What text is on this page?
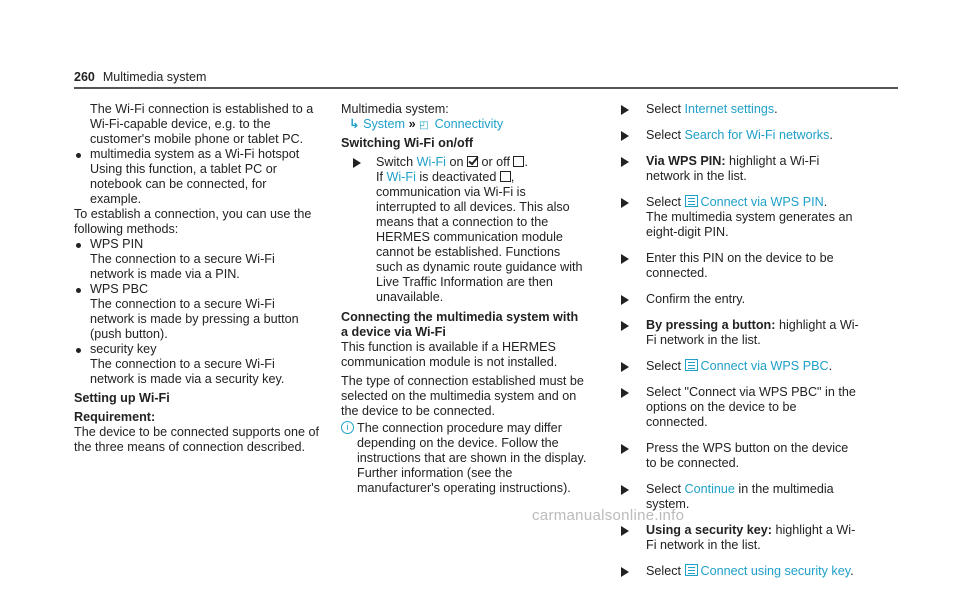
260 Multimedia system

The Wi-Fi connection is established to a Wi-Fi-capable device, e.g. to the customer's mobile phone or tablet PC.

multimedia system as a Wi-Fi hotspot

Using this function, a tablet PC or notebook can be connected, for example.

To establish a connection, you can use the following methods:

WPS PIN

The connection to a secure Wi-Fi network is made via a PIN.

WPS PBC

The connection to a secure Wi-Fi network is made by pressing a button (push button).

security key

The connection to a secure Wi-Fi network is made via a security key.

Setting up Wi-Fi

Requirement:

The device to be connected supports one of the three means of connection described.

Multimedia system:

↳ System » ◰ Connectivity

Switching Wi-Fi on/off

Switch Wi-Fi on  or off .
If Wi-Fi is deactivated , communication via Wi-Fi is interrupted to all devices. This also means that a connection to the HERMES communication module cannot be established. Functions such as dynamic route guidance with Live Traffic Information are then unavailable.

Connecting the multimedia system with a device via Wi-Fi

This function is available if a HERMES communication module is not installed.

The type of connection established must be selected on the multimedia system and on the device to be connected.

i The connection procedure may differ depending on the device. Follow the instructions that are shown in the display. Further information (see the manufacturer's operating instructions).
Select Internet settings.
Select Search for Wi-Fi networks.
Via WPS PIN: highlight a Wi-Fi network in the list.
Select
Connect via WPS PIN.
The multimedia system generates an eight-digit PIN.
Enter this PIN on the device to be connected.
Confirm the entry.
By pressing a button: highlight a Wi-Fi network in the list.
Select
Connect via WPS PBC.
Select "Connect via WPS PBC" in the options on the device to be connected.
Press the WPS button on the device to be connected.
Select Continue in the multimedia system.
Using a security key: highlight a Wi-Fi network in the list.
Select
Connect using security key.
carmanualsonline.info
